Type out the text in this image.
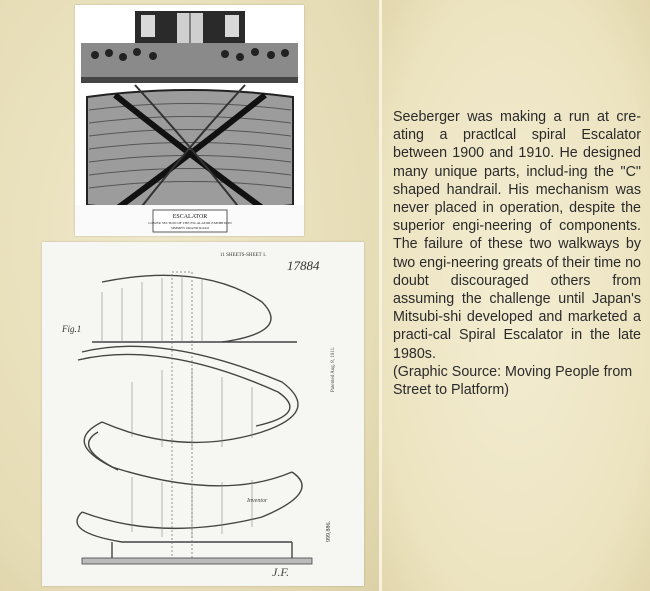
ESCALATOR
LOWER SECTION OF THE ESCALATOR EXHIBITION
SIMMEN ORAND ROAD
11 SHEETS-SHEET 1.
17884
Fig.1
Patented Aug. 8, 1911.
999,886.
J.F.
Inventor

Seeberger was making a run at cre-ating a practlcal spiral Escalator between 1900 and 1910. He designed many unique parts, includ-ing the "C" shaped handrail. His mechanism was never placed in operation, despite the superior engi-neering of components. The failure of these two walkways by two engi-neering greats of their time no doubt discouraged others from assuming the challenge until Japan's Mitsubi-shi developed and marketed a practi-cal Spiral Escalator in the late 1980s.

(Graphic Source: Moving People from Street to Platform)
